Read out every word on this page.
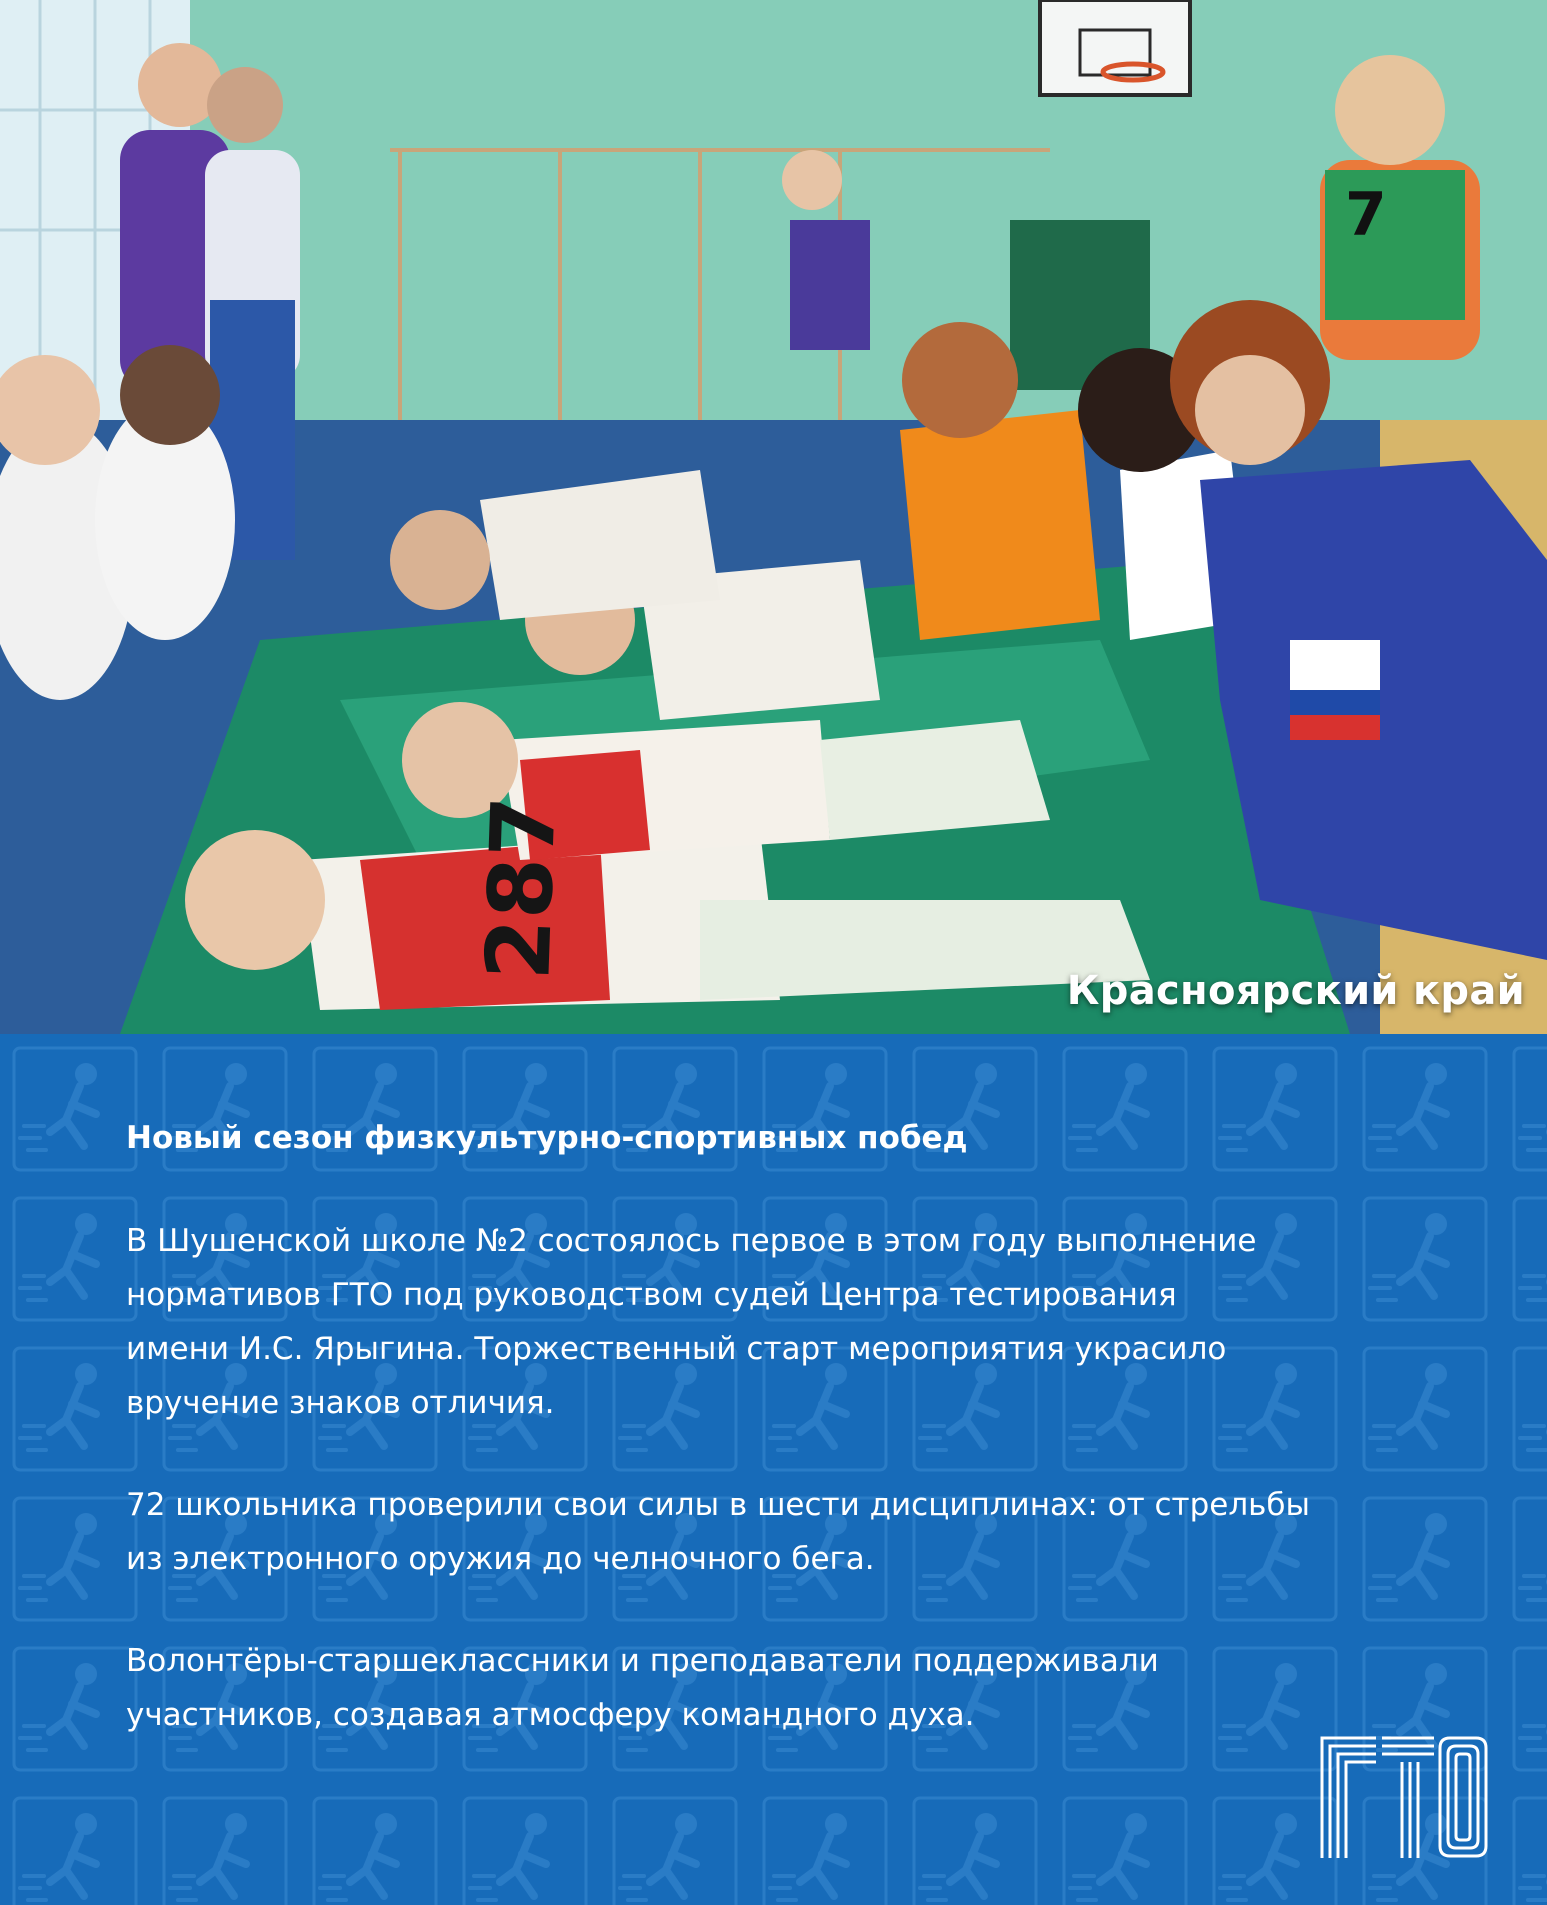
7
287
Красноярский край

Новый сезон физкультурно-спортивных побед

В Шушенской школе №2 состоялось первое в этом году выполнение
нормативов ГТО под руководством судей Центра тестирования
имени И.С. Ярыгина. Торжественный старт мероприятия украсило
вручение знаков отличия.

72 школьника проверили свои силы в шести дисциплинах: от стрельбы
из электронного оружия до челночного бега.

Волонтёры-старшеклассники и преподаватели поддерживали
участников, создавая атмосферу командного духа.
